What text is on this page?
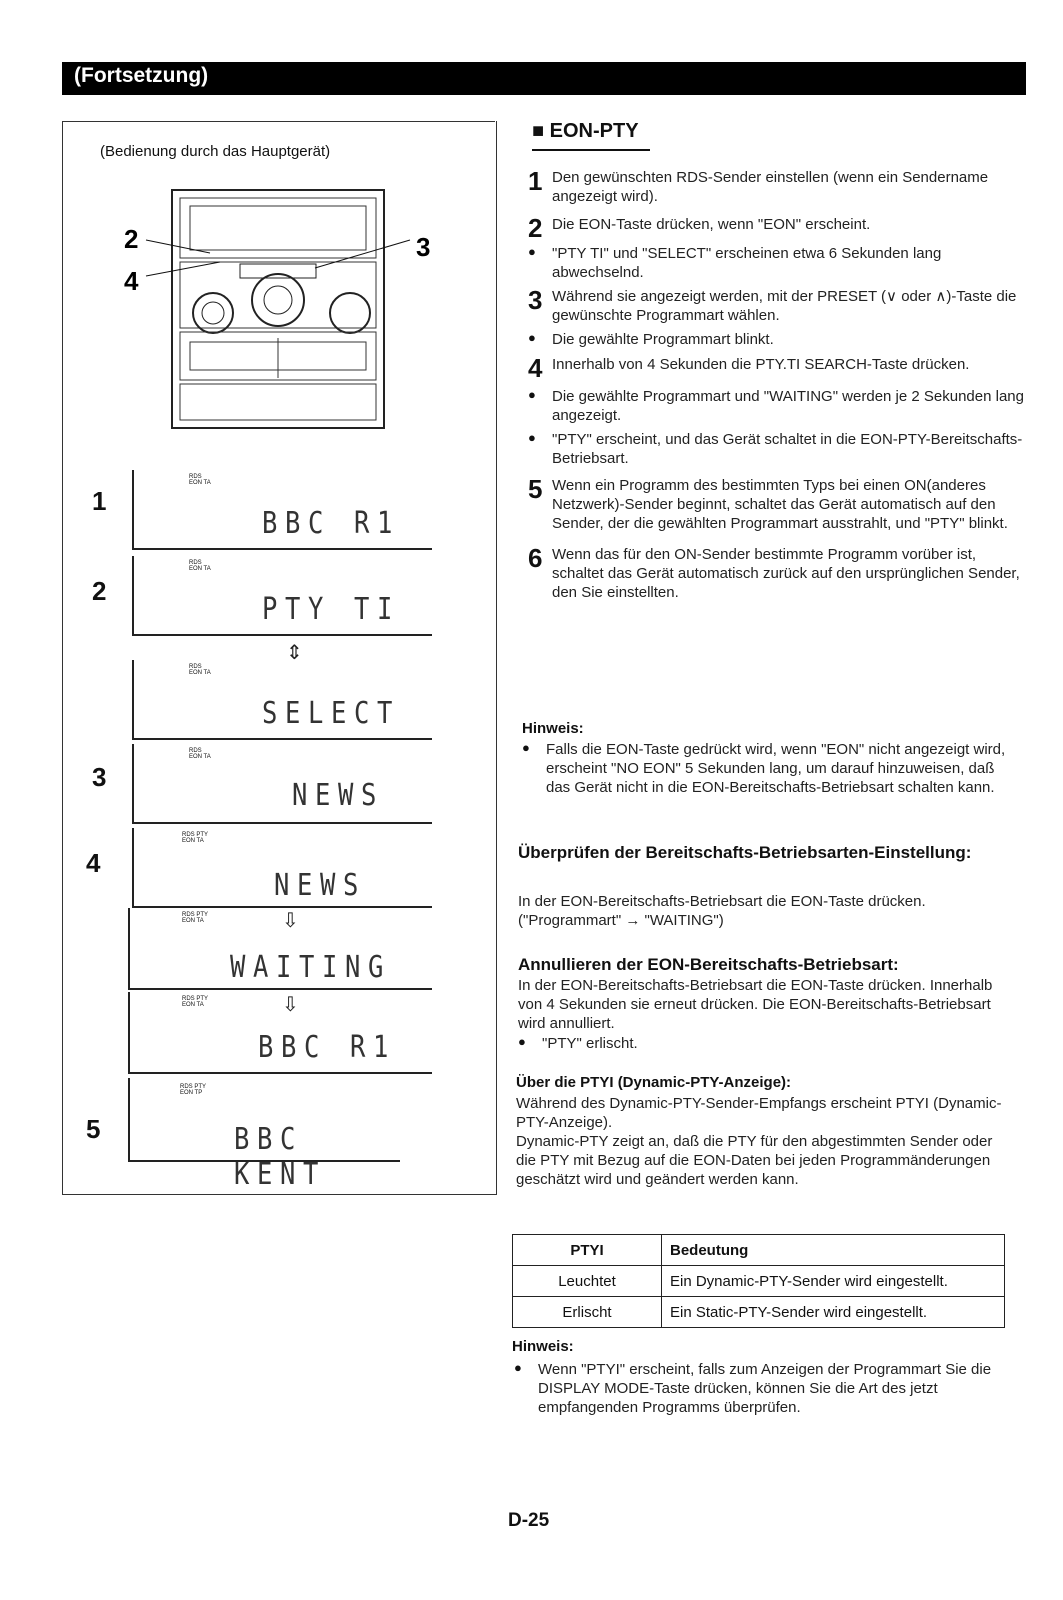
(Fortsetzung)
(Bedienung durch das Hauptgerät)
2
4
3
1
RDS
EON TA
BBC R1
2
RDS
EON TA
PTY TI
⇕
RDS
EON TA
SELECT
3
RDS
EON TA
NEWS
4
RDS PTY
EON TA
NEWS
⇩
RDS PTY
EON TA
WAITING
⇩
RDS PTY
EON TA
BBC R1
5
RDS PTY
EON TP
BBC KENT
■ EON-PTY
1 Den gewünschten RDS-Sender einstellen (wenn ein Sendername angezeigt wird).
2 Die EON-Taste drücken, wenn "EON" erscheint.
●	"PTY TI" und "SELECT" erscheinen etwa 6 Sekunden lang abwechselnd.
3 Während sie angezeigt werden, mit der PRESET (∨ oder ∧)-Taste die gewünschte Programmart wählen.
●	Die gewählte Programmart blinkt.
4 Innerhalb von 4 Sekunden die PTY.TI SEARCH-Taste drücken.
●	Die gewählte Programmart und "WAITING" werden je 2 Sekunden lang angezeigt.
●	"PTY" erscheint, und das Gerät schaltet in die EON-PTY-Bereitschafts-Betriebsart.
5 Wenn ein Programm des bestimmten Typs bei einen ON(anderes Netzwerk)-Sender beginnt, schaltet das Gerät automatisch auf den Sender, der die gewählten Programmart ausstrahlt, und "PTY" blinkt.
6 Wenn das für den ON-Sender bestimmte Programm vorüber ist, schaltet das Gerät automatisch zurück auf den ursprünglichen Sender, den Sie einstellten.
Hinweis:
●	Falls die EON-Taste gedrückt wird, wenn "EON" nicht angezeigt wird, erscheint "NO EON" 5 Sekunden lang, um darauf hinzuweisen, daß das Gerät nicht in die EON-Bereitschafts-Betriebsart schalten kann.
Überprüfen der Bereitschafts-Betriebsarten-Einstellung:
In der EON-Bereitschafts-Betriebsart die EON-Taste drücken. ("Programmart" → "WAITING")
Annullieren der EON-Bereitschafts-Betriebsart:
In der EON-Bereitschafts-Betriebsart die EON-Taste drücken. Innerhalb von 4 Sekunden sie erneut drücken. Die EON-Bereitschafts-Betriebsart wird annulliert.
●	"PTY" erlischt.
Über die PTYI (Dynamic-PTY-Anzeige):
Während des Dynamic-PTY-Sender-Empfangs erscheint PTYI (Dynamic-PTY-Anzeige).
Dynamic-PTY zeigt an, daß die PTY für den abgestimmten Sender oder die PTY mit Bezug auf die EON-Daten bei jeden Programmänderungen geschätzt wird und geändert werden kann.
PTYI	Bedeutung
Leuchtet	Ein Dynamic-PTY-Sender wird eingestellt.
Erlischt	Ein Static-PTY-Sender wird eingestellt.
Hinweis:
●	Wenn "PTYI" erscheint, falls zum Anzeigen der Programmart Sie die DISPLAY MODE-Taste drücken, können Sie die Art des jetzt empfangenden Programms überprüfen.
D-25
